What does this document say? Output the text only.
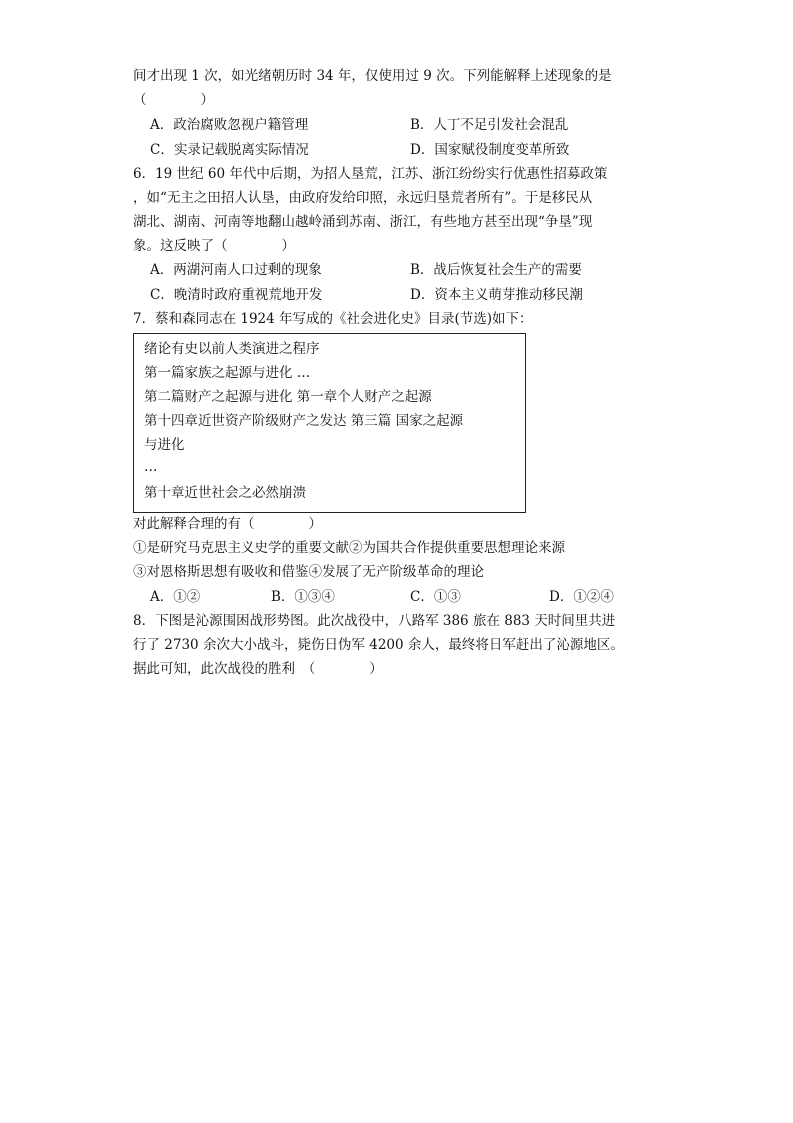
间才出现 1 次，如光绪朝历时 34 年，仅使用过 9 次。下列能解释上述现象的是
（　　　　）
A．政治腐败忽视户籍管理	B．人丁不足引发社会混乱
C．实录记载脱离实际情况	D．国家赋役制度变革所致
6．19 世纪 60 年代中后期，为招人垦荒，江苏、浙江纷纷实行优惠性招募政策
，如“无主之田招人认垦，由政府发给印照，永远归垦荒者所有”。于是移民从
湖北、湖南、河南等地翻山越岭涌到苏南、浙江，有些地方甚至出现“争垦”现
象。这反映了（　　　　）
A．两湖河南人口过剩的现象	B．战后恢复社会生产的需要
C．晚清时政府重视荒地开发	D．资本主义萌芽推动移民潮
7．蔡和森同志在 1924 年写成的《社会进化史》目录(节选)如下：
绪论有史以前人类演进之程序
第一篇家族之起源与进化 …
第二篇财产之起源与进化 第一章个人财产之起源
第十四章近世资产阶级财产之发达 第三篇 国家之起源
与进化
…
第十章近世社会之必然崩溃
对此解释合理的有（　　　　）
①是研究马克思主义史学的重要文献②为国共合作提供重要思想理论来源
③对恩格斯思想有吸收和借鉴④发展了无产阶级革命的理论
A．①②	B．①③④	C．①③	D．①②④
8．下图是沁源围困战形势图。此次战役中，八路军 386 旅在 883 天时间里共进
行了 2730 余次大小战斗，毙伤日伪军 4200 余人，最终将日军赶出了沁源地区。
据此可知，此次战役的胜利　（　　　　）
